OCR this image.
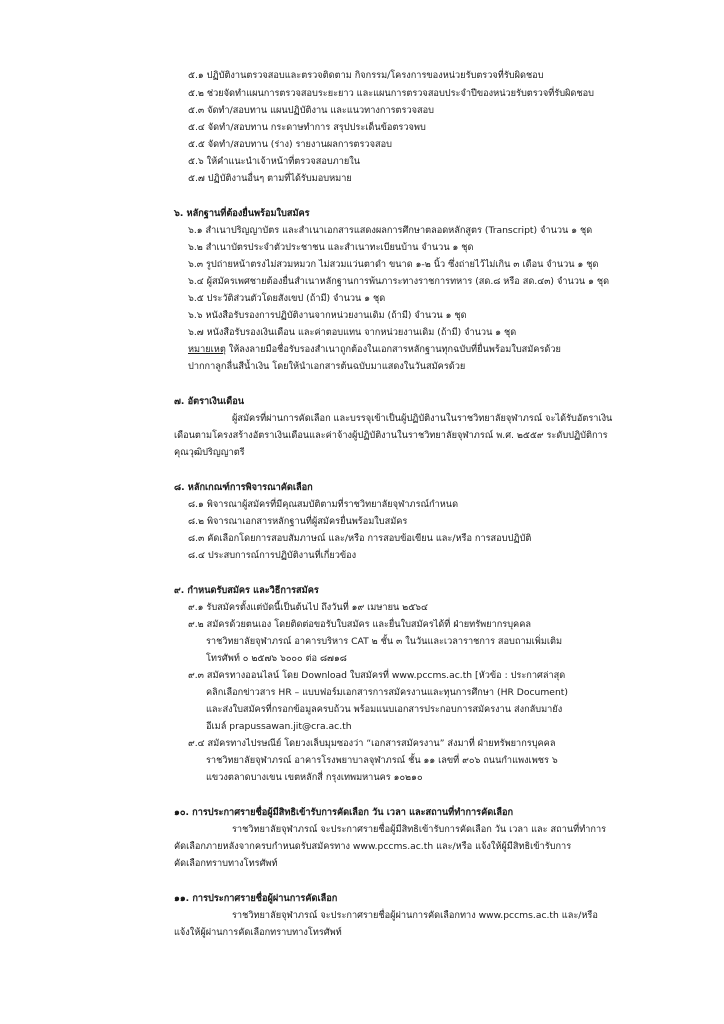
๕.๑ ปฏิบัติงานตรวจสอบและตรวจติดตาม กิจกรรม/โครงการของหน่วยรับตรวจที่รับผิดชอบ
๕.๒ ช่วยจัดทำแผนการตรวจสอบระยะยาว และแผนการตรวจสอบประจำปีของหน่วยรับตรวจที่รับผิดชอบ
๕.๓ จัดทำ/สอบทาน แผนปฏิบัติงาน และแนวทางการตรวจสอบ
๕.๔ จัดทำ/สอบทาน กระดาษทำการ สรุปประเด็นข้อตรวจพบ
๕.๕ จัดทำ/สอบทาน (ร่าง) รายงานผลการตรวจสอบ
๕.๖ ให้คำแนะนำเจ้าหน้าที่ตรวจสอบภายใน
๕.๗ ปฏิบัติงานอื่นๆ ตามที่ได้รับมอบหมาย
๖. หลักฐานที่ต้องยื่นพร้อมใบสมัคร
๖.๑ สำเนาปริญญาบัตร และสำเนาเอกสารแสดงผลการศึกษาตลอดหลักสูตร (Transcript) จำนวน ๑ ชุด
๖.๒ สำเนาบัตรประจำตัวประชาชน และสำเนาทะเบียนบ้าน จำนวน ๑ ชุด
๖.๓ รูปถ่ายหน้าตรงไม่สวมหมวก ไม่สวมแว่นตาดำ ขนาด ๑-๒ นิ้ว ซึ่งถ่ายไว้ไม่เกิน ๓ เดือน จำนวน ๑ ชุด
๖.๔ ผู้สมัครเพศชายต้องยื่นสำเนาหลักฐานการพ้นภาระทางราชการทหาร (สด.๘ หรือ สด.๔๓) จำนวน ๑ ชุด
๖.๕ ประวัติส่วนตัวโดยสังเขป (ถ้ามี) จำนวน ๑ ชุด
๖.๖ หนังสือรับรองการปฏิบัติงานจากหน่วยงานเดิม (ถ้ามี) จำนวน ๑ ชุด
๖.๗ หนังสือรับรองเงินเดือน และค่าตอบแทน จากหน่วยงานเดิม (ถ้ามี) จำนวน ๑ ชุด
หมายเหตุ ให้ลงลายมือชื่อรับรองสำเนาถูกต้องในเอกสารหลักฐานทุกฉบับที่ยื่นพร้อมใบสมัครด้วย
ปากกาลูกลื่นสีน้ำเงิน โดยให้นำเอกสารต้นฉบับมาแสดงในวันสมัครด้วย
๗. อัตราเงินเดือน
ผู้สมัครที่ผ่านการคัดเลือก และบรรจุเข้าเป็นผู้ปฏิบัติงานในราชวิทยาลัยจุฬาภรณ์ จะได้รับอัตราเงิน
เดือนตามโครงสร้างอัตราเงินเดือนและค่าจ้างผู้ปฏิบัติงานในราชวิทยาลัยจุฬาภรณ์ พ.ศ. ๒๕๕๙ ระดับปฏิบัติการ
คุณวุฒิปริญญาตรี
๘. หลักเกณฑ์การพิจารณาคัดเลือก
๘.๑ พิจารณาผู้สมัครที่มีคุณสมบัติตามที่ราชวิทยาลัยจุฬาภรณ์กำหนด
๘.๒ พิจารณาเอกสารหลักฐานที่ผู้สมัครยื่นพร้อมใบสมัคร
๘.๓ คัดเลือกโดยการสอบสัมภาษณ์ และ/หรือ การสอบข้อเขียน และ/หรือ การสอบปฏิบัติ
๘.๔ ประสบการณ์การปฏิบัติงานที่เกี่ยวข้อง
๙. กำหนดรับสมัคร และวิธีการสมัคร
๙.๑ รับสมัครตั้งแต่บัดนี้เป็นต้นไป ถึงวันที่ ๑๙ เมษายน ๒๕๖๔
๙.๒ สมัครด้วยตนเอง โดยติดต่อขอรับใบสมัคร และยื่นใบสมัครได้ที่ ฝ่ายทรัพยากรบุคคล
ราชวิทยาลัยจุฬาภรณ์ อาคารบริหาร CAT ๒ ชั้น ๓ ในวันและเวลาราชการ สอบถามเพิ่มเติม
โทรศัพท์ ๐ ๒๕๗๖ ๖๐๐๐ ต่อ ๘๗๑๘
๙.๓ สมัครทางออนไลน์ โดย Download ใบสมัครที่ www.pccms.ac.th [หัวข้อ : ประกาศล่าสุด
คลิกเลือกข่าวสาร HR – แบบฟอร์มเอกสารการสมัครงานและทุนการศึกษา (HR Document)
และส่งใบสมัครที่กรอกข้อมูลครบถ้วน พร้อมแนบเอกสารประกอบการสมัครงาน ส่งกลับมายัง
อีเมล์ prapussawan.jit@cra.ac.th
๙.๔ สมัครทางไปรษณีย์ โดยวงเล็บมุมซองว่า “เอกสารสมัครงาน” ส่งมาที่ ฝ่ายทรัพยากรบุคคล
ราชวิทยาลัยจุฬาภรณ์ อาคารโรงพยาบาลจุฬาภรณ์ ชั้น ๑๑ เลขที่ ๙๐๖ ถนนกำแพงเพชร ๖
แขวงตลาดบางเขน เขตหลักสี่ กรุงเทพมหานคร ๑๐๒๑๐
๑๐. การประกาศรายชื่อผู้มีสิทธิเข้ารับการคัดเลือก วัน เวลา และสถานที่ทำการคัดเลือก
ราชวิทยาลัยจุฬาภรณ์ จะประกาศรายชื่อผู้มีสิทธิเข้ารับการคัดเลือก วัน เวลา และ สถานที่ทำการ
คัดเลือกภายหลังจากครบกำหนดรับสมัครทาง www.pccms.ac.th และ/หรือ แจ้งให้ผู้มีสิทธิเข้ารับการ
คัดเลือกทราบทางโทรศัพท์
๑๑. การประกาศรายชื่อผู้ผ่านการคัดเลือก
ราชวิทยาลัยจุฬาภรณ์ จะประกาศรายชื่อผู้ผ่านการคัดเลือกทาง www.pccms.ac.th และ/หรือ
แจ้งให้ผู้ผ่านการคัดเลือกทราบทางโทรศัพท์
